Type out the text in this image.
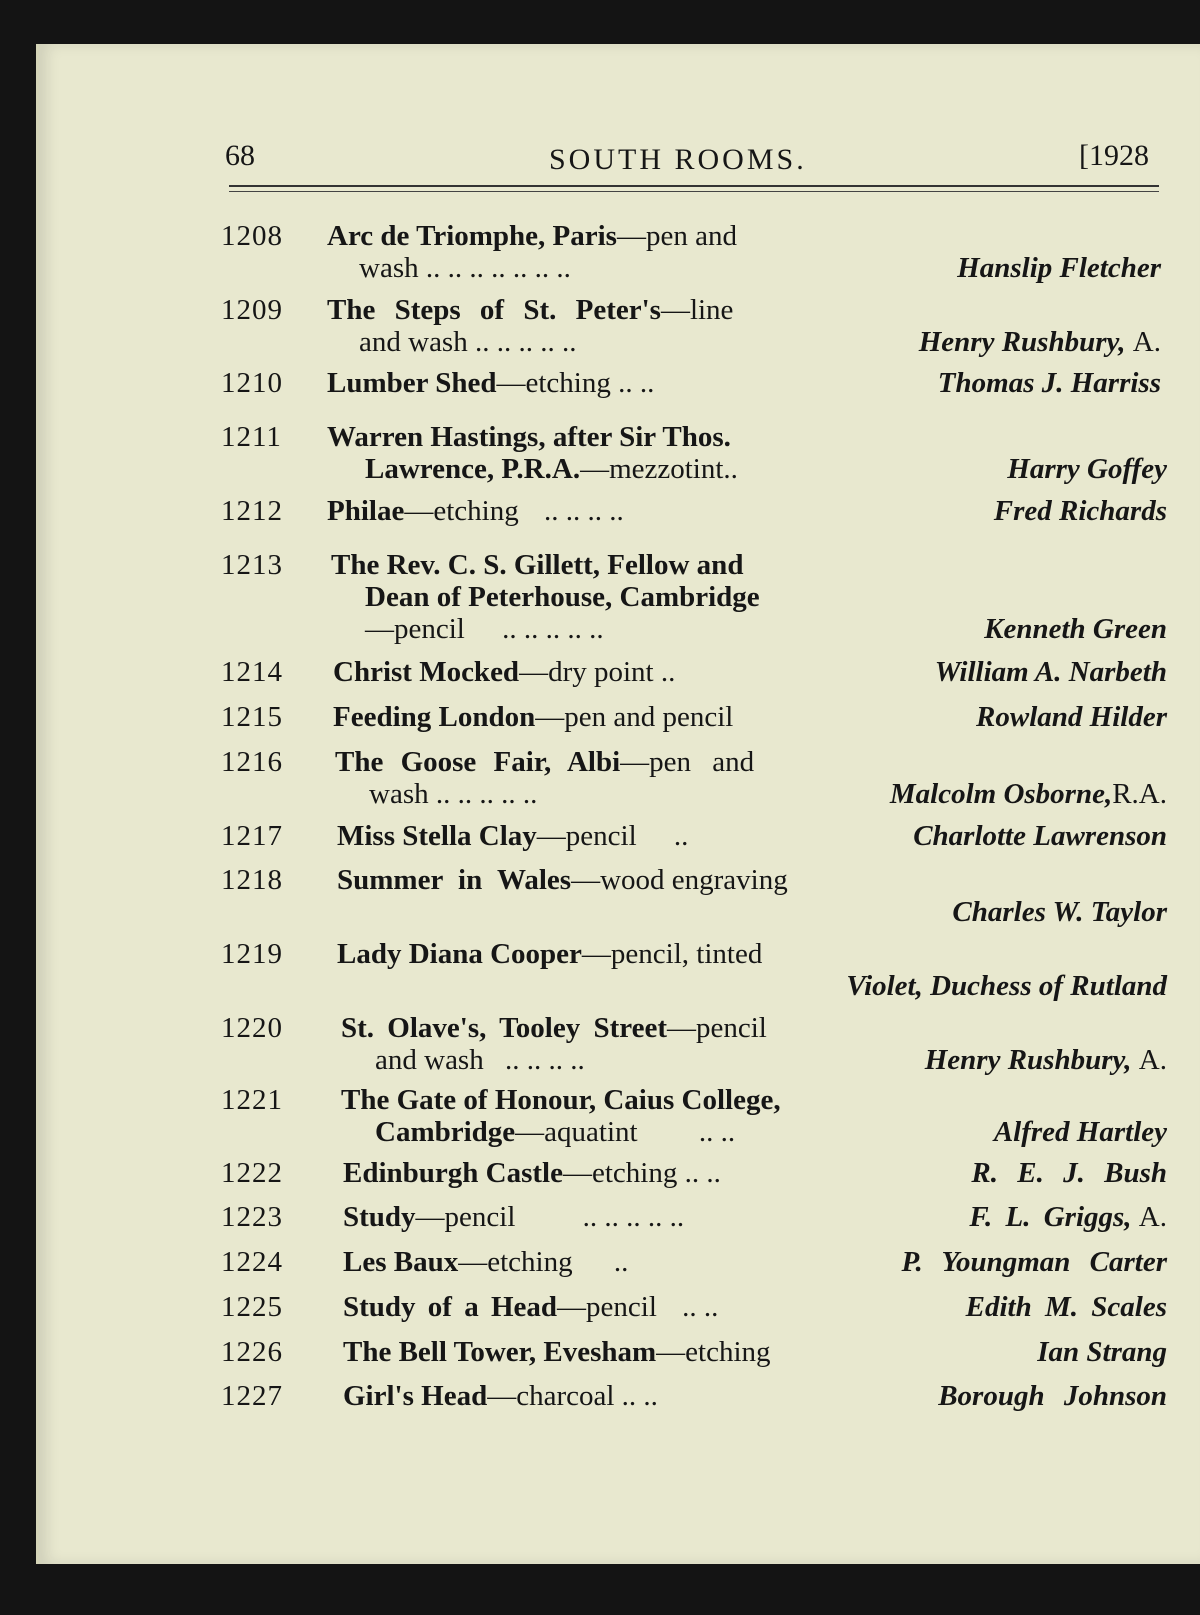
68	SOUTH ROOMS.	[1928
1208 Arc de Triomphe, Paris—pen and
wash .. .. .. .. .. .. ..	Hanslip Fletcher
1209 The Steps of St. Peter's—line
and wash .. .. .. .. ..	Henry Rushbury, A.
1210 Lumber Shed—etching .. ..	Thomas J. Harriss
1211 Warren Hastings, after Sir Thos.
Lawrence, P.R.A.—mezzotint..	Harry Goffey
1212 Philae—etching .. .. .. ..	Fred Richards
1213 The Rev. C. S. Gillett, Fellow and
Dean of Peterhouse, Cambridge
—pencil .. .. .. .. ..	Kenneth Green
1214 Christ Mocked—dry point ..	William A. Narbeth
1215 Feeding London—pen and pencil	Rowland Hilder
1216 The Goose Fair, Albi—pen and
wash .. .. .. .. ..	Malcolm Osborne,R.A.
1217 Miss Stella Clay—pencil ..	Charlotte Lawrenson
1218 Summer in Wales—wood engraving
Charles W. Taylor
1219 Lady Diana Cooper—pencil, tinted
Violet, Duchess of Rutland
1220 St. Olave's, Tooley Street—pencil
and wash .. .. .. ..	Henry Rushbury, A.
1221 The Gate of Honour, Caius College,
Cambridge—aquatint .. ..	Alfred Hartley
1222 Edinburgh Castle—etching .. ..	R. E. J. Bush
1223 Study—pencil .. .. .. .. ..	F. L. Griggs, A.
1224 Les Baux—etching ..	P. Youngman Carter
1225 Study of a Head—pencil .. ..	Edith M. Scales
1226 The Bell Tower, Evesham—etching	Ian Strang
1227 Girl's Head—charcoal .. ..	Borough Johnson
